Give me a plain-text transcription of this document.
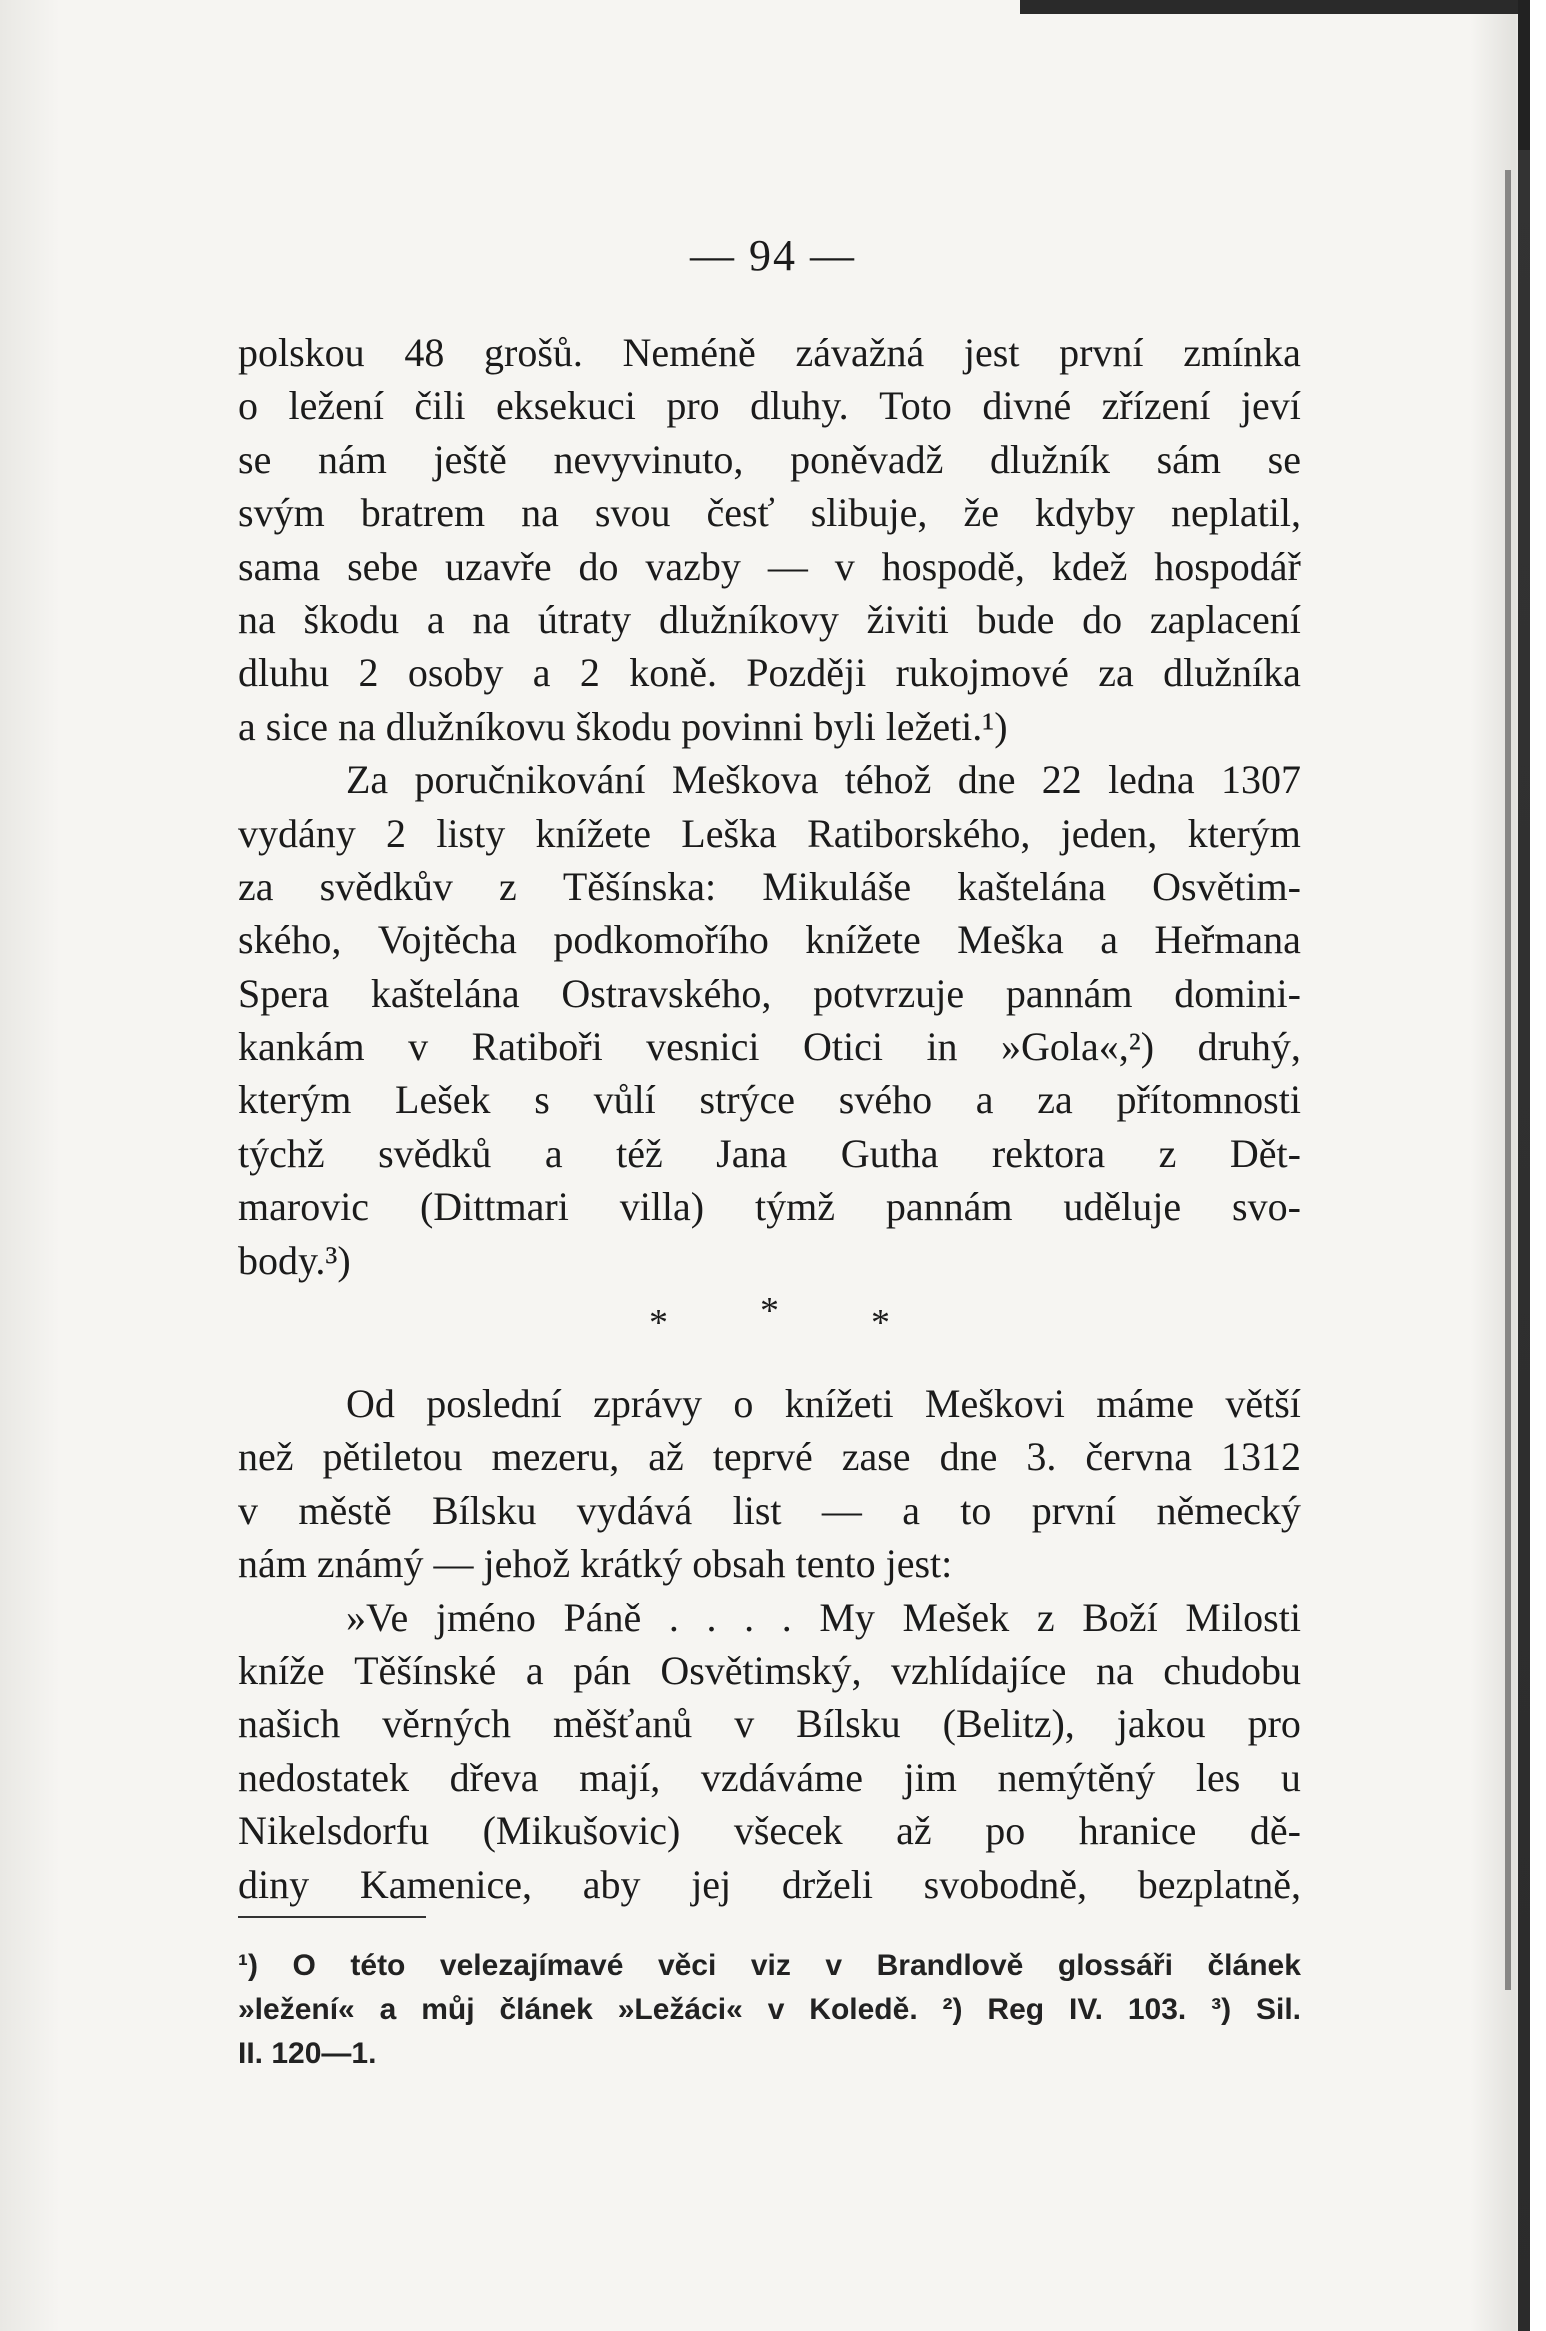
— 94 —
polskou 48 grošů. Neméně závažná jest první zmínka
o ležení čili eksekuci pro dluhy. Toto divné zřízení jeví
se nám ještě nevyvinuto, poněvadž dlužník sám se
svým bratrem na svou česť slibuje, že kdyby neplatil,
sama sebe uzavře do vazby — v hospodě, kdež hospodář
na škodu a na útraty dlužníkovy živiti bude do zaplacení
dluhu 2 osoby a 2 koně. Později rukojmové za dlužníka
a sice na dlužníkovu škodu povinni byli ležeti.¹)
Za poručnikování Meškova téhož dne 22 ledna 1307
vydány 2 listy knížete Leška Ratiborského, jeden, kterým
za svědkův z Těšínska: Mikuláše kaštelána Osvětim-
ského, Vojtěcha podkomořího knížete Meška a Heřmana
Spera kaštelána Ostravského, potvrzuje pannám domini-
kankám v Ratiboři vesnici Otici in »Gola«,²) druhý,
kterým Lešek s vůlí strýce svého a za přítomnosti
týchž svědků a též Jana Gutha rektora z Dět-
marovic (Dittmari villa) týmž pannám uděluje svo-
body.³)
* * *
Od poslední zprávy o knížeti Meškovi máme větší
než pětiletou mezeru, až teprvé zase dne 3. června 1312
v městě Bílsku vydává list — a to první německý
nám známý — jehož krátký obsah tento jest:
»Ve jméno Páně . . . . My Mešek z Boží Milosti
kníže Těšínské a pán Osvětimský, vzhlídajíce na chudobu
našich věrných měšťanů v Bílsku (Belitz), jakou pro
nedostatek dřeva mají, vzdáváme jim nemýtěný les u
Nikelsdorfu (Mikušovic) všecek až po hranice dě-
diny Kamenice, aby jej drželi svobodně, bezplatně,
¹) O této velezajímavé věci viz v Brandlově glossáři článek
»ležení« a můj článek »Ležáci« v Koledě. ²) Reg IV. 103. ³) Sil.
II. 120—1.
